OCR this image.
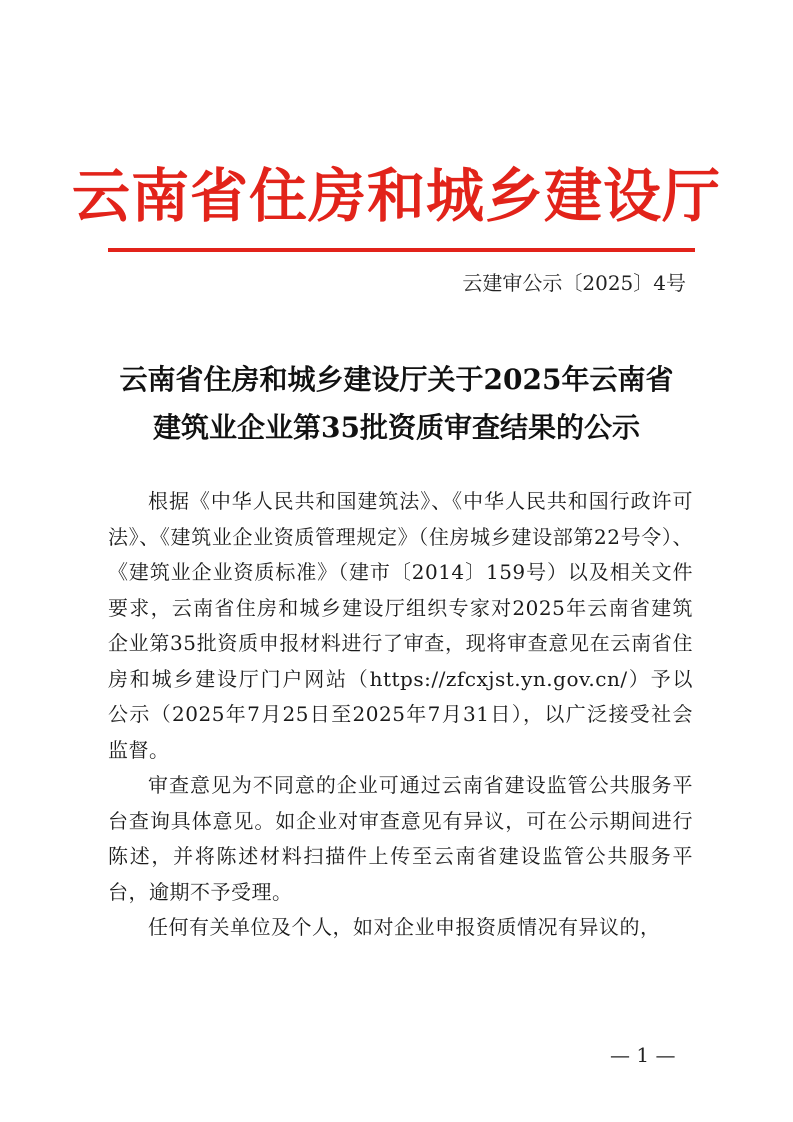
云南省住房和城乡建设厅
云建审公示〔2025〕4号
云南省住房和城乡建设厅关于2025年云南省
建筑业企业第35批资质审查结果的公示

根据《中华人民共和国建筑法》、《中华人民共和国行政许可法》、《建筑业企业资质管理规定》（住房城乡建设部第22号令）、《建筑业企业资质标准》（建市〔2014〕159号）以及相关文件要求，云南省住房和城乡建设厅组织专家对2025年云南省建筑企业第35批资质申报材料进行了审查，现将审查意见在云南省住房和城乡建设厅门户网站（https://zfcxjst.yn.gov.cn/）予以公示（2025年7月25日至2025年7月31日），以广泛接受社会监督。

审查意见为不同意的企业可通过云南省建设监管公共服务平台查询具体意见。如企业对审查意见有异议，可在公示期间进行陈述，并将陈述材料扫描件上传至云南省建设监管公共服务平台，逾期不予受理。

任何有关单位及个人，如对企业申报资质情况有异议的，

— 1 —
